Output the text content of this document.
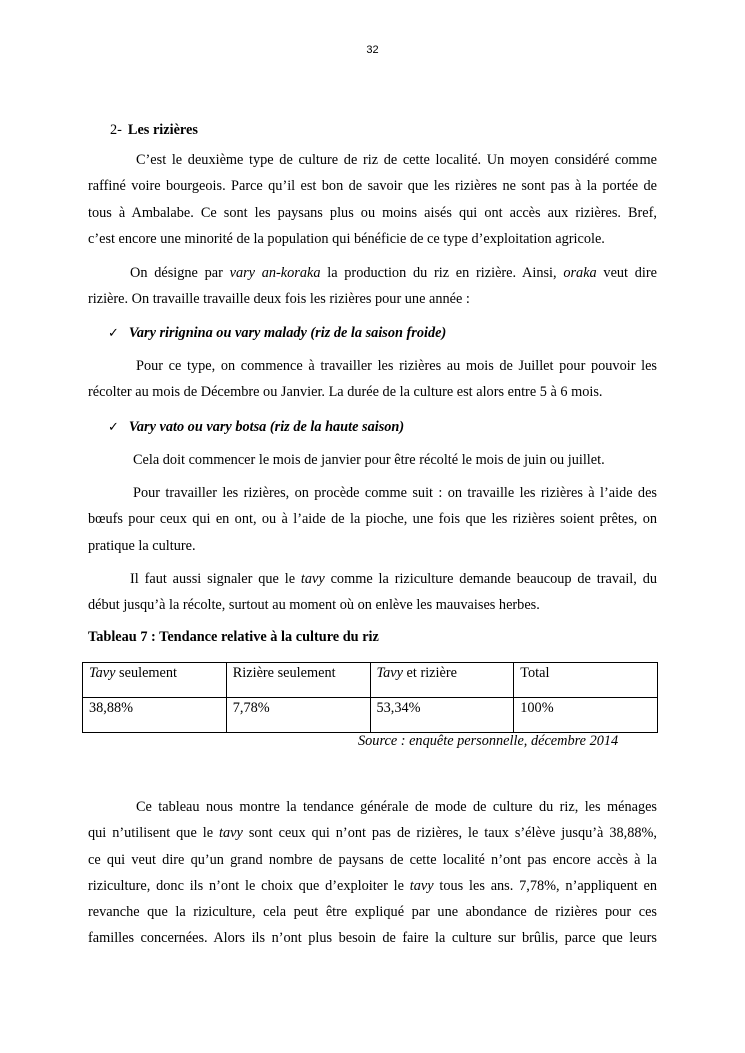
32
2- Les rizières
C’est le deuxième type de culture de riz de cette localité. Un moyen considéré comme
raffiné voire bourgeois. Parce qu’il est bon de savoir que les rizières ne sont pas à la portée de
tous à Ambalabe. Ce sont les paysans plus ou moins aisés qui ont accès aux rizières. Bref,
c’est encore une minorité de la population qui bénéficie de ce type d’exploitation agricole.
On désigne par vary an-koraka la production du riz en rizière. Ainsi, oraka veut dire
rizière. On travaille travaille deux fois les rizières pour une année :
✓ Vary rirignina ou vary malady (riz de la saison froide)
Pour ce type, on commence à travailler les rizières au mois de Juillet pour pouvoir les
récolter au mois de Décembre ou Janvier. La durée de la culture est alors entre 5 à 6 mois.
✓ Vary vato ou vary botsa (riz de la haute saison)
Cela doit commencer le mois de janvier pour être récolté le mois de juin ou juillet.
Pour travailler les rizières, on procède comme suit : on travaille les rizières à l’aide des
bœufs pour ceux qui en ont, ou à l’aide de la pioche, une fois que les rizières soient prêtes, on
pratique la culture.
Il faut aussi signaler que le tavy comme la riziculture demande beaucoup de travail, du
début jusqu’à la récolte, surtout au moment où on enlève les mauvaises herbes.
Tableau 7 : Tendance relative à la culture du riz
Tavy seulement	Rizière seulement	Tavy et rizière	Total
38,88%	7,78%	53,34%	100%
Source : enquête personnelle, décembre 2014
Ce tableau nous montre la tendance générale de mode de culture du riz, les ménages
qui n’utilisent que le tavy sont ceux qui n’ont pas de rizières, le taux s’élève jusqu’à 38,88%,
ce qui veut dire qu’un grand nombre de paysans de cette localité n’ont pas encore accès à la
riziculture, donc ils n’ont le choix que d’exploiter le tavy tous les ans. 7,78%, n’appliquent en
revanche que la riziculture, cela peut être expliqué par une abondance de rizières pour ces
familles concernées. Alors ils n’ont plus besoin de faire la culture sur brûlis, parce que leurs
